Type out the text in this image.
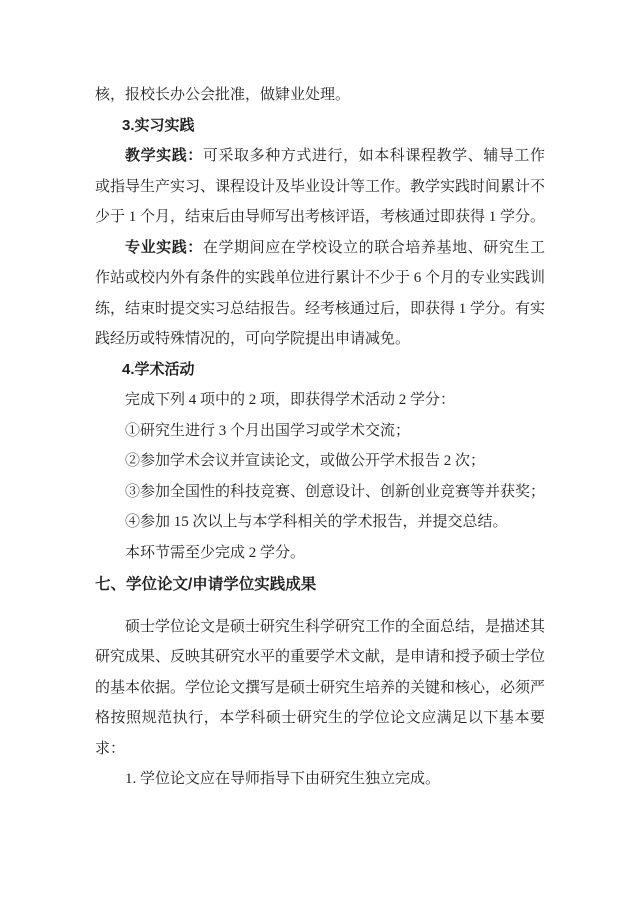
核，报校长办公会批准，做肄业处理。

3.实习实践

教学实践：可采取多种方式进行，如本科课程教学、辅导工作或指导生产实习、课程设计及毕业设计等工作。教学实践时间累计不少于 1 个月，结束后由导师写出考核评语，考核通过即获得 1 学分。

专业实践：在学期间应在学校设立的联合培养基地、研究生工作站或校内外有条件的实践单位进行累计不少于 6 个月的专业实践训练，结束时提交实习总结报告。经考核通过后，即获得 1 学分。有实践经历或特殊情况的，可向学院提出申请减免。

4.学术活动

完成下列 4 项中的 2 项，即获得学术活动 2 学分：

①研究生进行 3 个月出国学习或学术交流；

②参加学术会议并宣读论文，或做公开学术报告 2 次；

③参加全国性的科技竞赛、创意设计、创新创业竞赛等并获奖；

④参加 15 次以上与本学科相关的学术报告，并提交总结。

本环节需至少完成 2 学分。

七、学位论文/申请学位实践成果

硕士学位论文是硕士研究生科学研究工作的全面总结，是描述其研究成果、反映其研究水平的重要学术文献，是申请和授予硕士学位的基本依据。学位论文撰写是硕士研究生培养的关键和核心，必须严格按照规范执行，本学科硕士研究生的学位论文应满足以下基本要求：

1. 学位论文应在导师指导下由研究生独立完成。
